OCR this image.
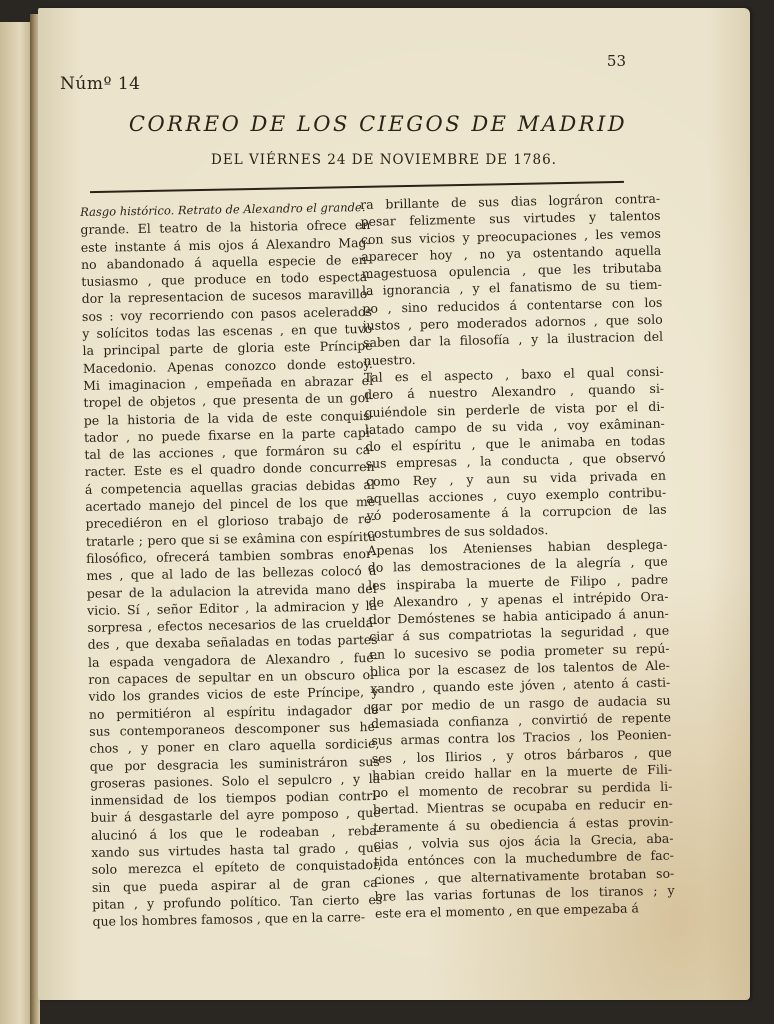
Númº 14
53
CORREO DE LOS CIEGOS DE MADRID
DEL VIÉRNES 24 DE NOVIEMBRE DE 1786.
Rasgo histórico. Retrato de Alexandro el grande.
grande. El teatro de la historia ofrece en
este instante á mis ojos á Alexandro Mag-
no abandonado á aquella especie de en-
tusiasmo , que produce en todo especta-
dor la representacion de sucesos maravillo-
sos : voy recorriendo con pasos acelerados
y solícitos todas las escenas , en que tuvo
la principal parte de gloria este Príncipe
Macedonio. Apenas conozco donde estoy.
Mi imaginacion , empeñada en abrazar el
tropel de objetos , que presenta de un gol-
pe la historia de la vida de este conquis-
tador , no puede fixarse en la parte capi-
tal de las acciones , que formáron su ca-
racter. Este es el quadro donde concurren
á competencia aquellas gracias debidas al
acertado manejo del pincel de los que me
precediéron en el glorioso trabajo de re-
tratarle ; pero que si se exâmina con espíritu
filosófico, ofrecerá tambien sombras enor-
mes , que al lado de las bellezas colocó á
pesar de la adulacion la atrevida mano del
vicio. Sí , señor Editor , la admiracion y la
sorpresa , efectos necesarios de las crueldá-
des , que dexaba señaladas en todas partes
la espada vengadora de Alexandro , fué-
ron capaces de sepultar en un obscuro ol-
vido los grandes vicios de este Príncipe, y
no permitiéron al espíritu indagador de
sus contemporaneos descomponer sus he-
chos , y poner en claro aquella sordicie,
que por desgracia les suministráron sus
groseras pasiones. Solo el sepulcro , y la
inmensidad de los tiempos podian contri-
buir á desgastarle del ayre pomposo , que
alucinó á los que le rodeaban , reba-
xando sus virtudes hasta tal grado , que
solo merezca el epíteto de conquistador,
sin que pueda aspirar al de gran ca-
pitan , y profundo político. Tan cierto es
que los hombres famosos , que en la carre-
ra brillante de sus dias lográron contra-
pesar felizmente sus virtudes y talentos
con sus vicios y preocupaciones , les vemos
aparecer hoy , no ya ostentando aquella
magestuosa opulencia , que les tributaba
la ignorancia , y el fanatismo de su tiem-
po , sino reducidos á contentarse con los
justos , pero moderados adornos , que solo
saben dar la filosofía , y la ilustracion del
nuestro.
Tal es el aspecto , baxo el qual consi-
dero á nuestro Alexandro , quando si-
guiéndole sin perderle de vista por el di-
latado campo de su vida , voy exâminan-
do el espíritu , que le animaba en todas
sus empresas , la conducta , que observó
como Rey , y aun su vida privada en
aquellas acciones , cuyo exemplo contribu-
yó poderosamente á la corrupcion de las
costumbres de sus soldados.
Apenas los Atenienses habian desplega-
do las demostraciones de la alegría , que
les inspiraba la muerte de Filipo , padre
de Alexandro , y apenas el intrépido Ora-
dor Demóstenes se habia anticipado á anun-
ciar á sus compatriotas la seguridad , que
en lo sucesivo se podia prometer su repú-
blica por la escasez de los talentos de Ale-
xandro , quando este jóven , atento á casti-
gar por medio de un rasgo de audacia su
demasiada confianza , convirtió de repente
sus armas contra los Tracios , los Peonien-
ses , los Ilirios , y otros bárbaros , que
habian creido hallar en la muerte de Fili-
po el momento de recobrar su perdida li-
bertad. Mientras se ocupaba en reducir en-
teramente á su obediencia á estas provin-
cias , volvia sus ojos ácia la Grecia, aba-
tida entónces con la muchedumbre de fac-
ciones , que alternativamente brotaban so-
bre las varias fortunas de los tiranos ; y
este era el momento , en que empezaba á
